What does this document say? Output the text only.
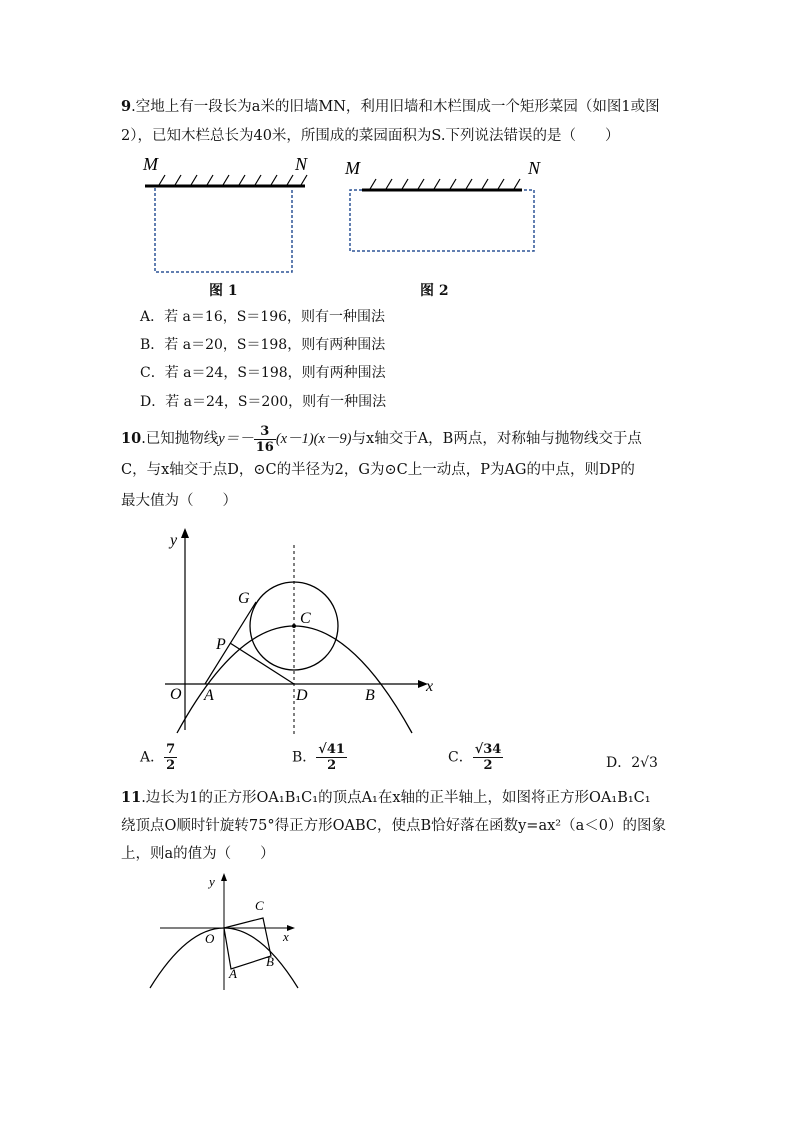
9.空地上有一段长为a米的旧墙MN，利用旧墙和木栏围成一个矩形菜园（如图1或图
2），已知木栏总长为40米，所围成的菜园面积为S.下列说法错误的是（　　）
M	N M	N
图 1	图 2
A．若 a＝16，S＝196，则有一种围法
B．若 a＝20，S＝198，则有两种围法
C．若 a＝24，S＝198，则有两种围法
D．若 a＝24，S＝200，则有一种围法
10.已知抛物线$y=- \frac{3}{16} (x-1)(x-9)$与x轴交于A，B两点，对称轴与抛物线交于点
C，与x轴交于点D，⊙C的半径为2，G为⊙C上一动点，P为AG的中点，则DP的
最大值为（　　）
y
x
O A	D	B
C
G
P
A． $\frac{7}{2}$	B． $\frac{√41}{2}$	C． $\frac{√34}{2}$	D．2√3
11.边长为1的正方形OA₁B₁C₁的顶点A₁在x轴的正半轴上，如图将正方形OA₁B₁C₁
绕顶点O顺时针旋转75°得正方形OABC，使点B恰好落在函数y=ax²（a＜0）的图象
上，则a的值为（　　）
y
x
O
A
B
C
